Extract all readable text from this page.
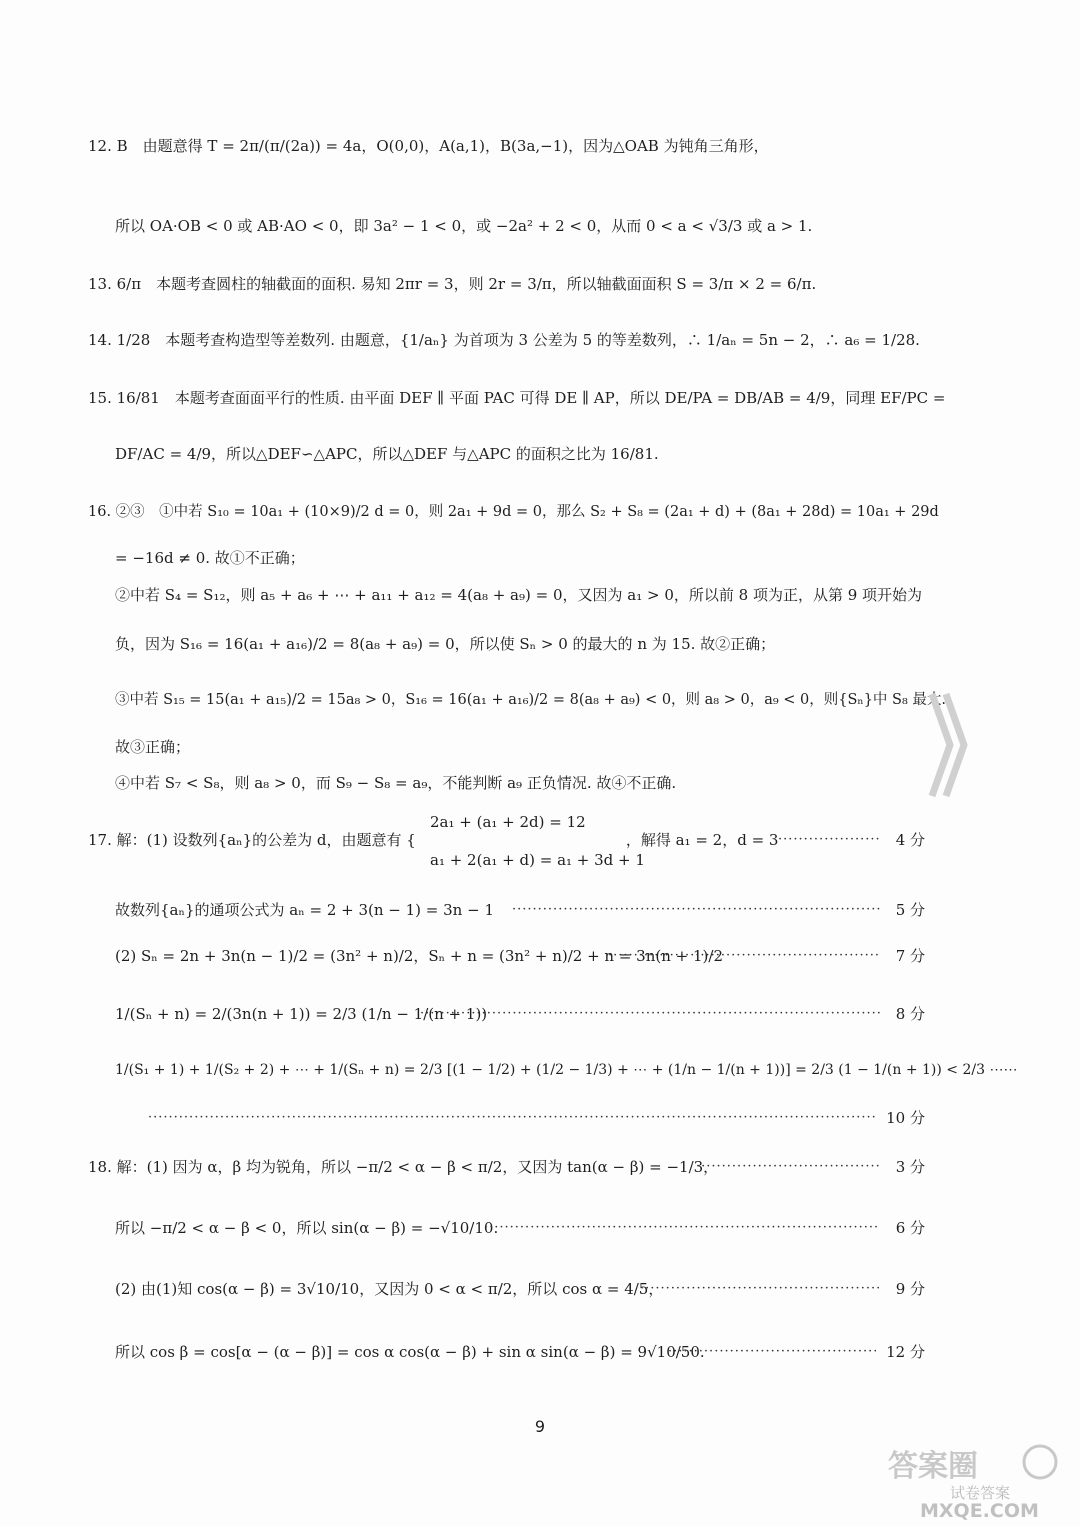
12. B　由题意得 T = 2π/(π/(2a)) = 4a，O(0,0)，A(a,1)，B(3a,−1)，因为△OAB 为钝角三角形，
所以 OA·OB < 0 或 AB·AO < 0，即 3a² − 1 < 0，或 −2a² + 2 < 0，从而 0 < a < √3/3 或 a > 1.
13. 6/π　本题考查圆柱的轴截面的面积. 易知 2πr = 3，则 2r = 3/π，所以轴截面面积 S = 3/π × 2 = 6/π.
14. 1/28　本题考查构造型等差数列. 由题意，{1/aₙ} 为首项为 3 公差为 5 的等差数列，∴ 1/aₙ = 5n − 2，∴ a₆ = 1/28.
15. 16/81　本题考查面面平行的性质. 由平面 DEF ∥ 平面 PAC 可得 DE ∥ AP，所以 DE/PA = DB/AB = 4/9，同理 EF/PC =
DF/AC = 4/9，所以△DEF∽△APC，所以△DEF 与△APC 的面积之比为 16/81.
16. ②③　①中若 S₁₀ = 10a₁ + (10×9)/2 d = 0，则 2a₁ + 9d = 0，那么 S₂ + S₈ = (2a₁ + d) + (8a₁ + 28d) = 10a₁ + 29d
= −16d ≠ 0. 故①不正确；
②中若 S₄ = S₁₂，则 a₅ + a₆ + ⋯ + a₁₁ + a₁₂ = 4(a₈ + a₉) = 0，又因为 a₁ > 0，所以前 8 项为正，从第 9 项开始为
负，因为 S₁₆ = 16(a₁ + a₁₆)/2 = 8(a₈ + a₉) = 0，所以使 Sₙ > 0 的最大的 n 为 15. 故②正确；
③中若 S₁₅ = 15(a₁ + a₁₅)/2 = 15a₈ > 0，S₁₆ = 16(a₁ + a₁₆)/2 = 8(a₈ + a₉) < 0，则 a₈ > 0，a₉ < 0，则{Sₙ}中 S₈ 最大.
故③正确；
④中若 S₇ < S₈，则 a₈ > 0，而 S₉ − S₈ = a₉，不能判断 a₉ 正负情况. 故④不正确.
2a₁ + (a₁ + 2d) = 12
17. 解：(1) 设数列{aₙ}的公差为 d，由题意有 {　　　　　　　　　　　　　　，解得 a₁ = 2，d = 3 ·····	4 分
a₁ + 2(a₁ + d) = a₁ + 3d + 1
故数列{aₙ}的通项公式为 aₙ = 2 + 3(n − 1) = 3n − 1 ·····	5 分
(2) Sₙ = 2n + 3n(n − 1)/2 = (3n² + n)/2，Sₙ + n = (3n² + n)/2 + n = 3n(n + 1)/2 ·····	7 分
1/(Sₙ + n) = 2/(3n(n + 1)) = 2/3 (1/n − 1/(n + 1)) ·····	8 分
1/(S₁ + 1) + 1/(S₂ + 2) + ⋯ + 1/(Sₙ + n) = 2/3 [(1 − 1/2) + (1/2 − 1/3) + ⋯ + (1/n − 1/(n + 1))] = 2/3 (1 − 1/(n + 1)) < 2/3 ⋯⋯
·····
10 分
18. 解：(1) 因为 α，β 均为锐角，所以 −π/2 < α − β < π/2，又因为 tan(α − β) = −1/3， ·····	3 分
所以 −π/2 < α − β < 0，所以 sin(α − β) = −√10/10. ·····	6 分
(2) 由(1)知 cos(α − β) = 3√10/10，又因为 0 < α < π/2，所以 cos α = 4/5， ·····	9 分
所以 cos β = cos[α − (α − β)] = cos α cos(α − β) + sin α sin(α − β) = 9√10/50. ·····	12 分
9
答案圈
试卷答案
MXQE.COM
